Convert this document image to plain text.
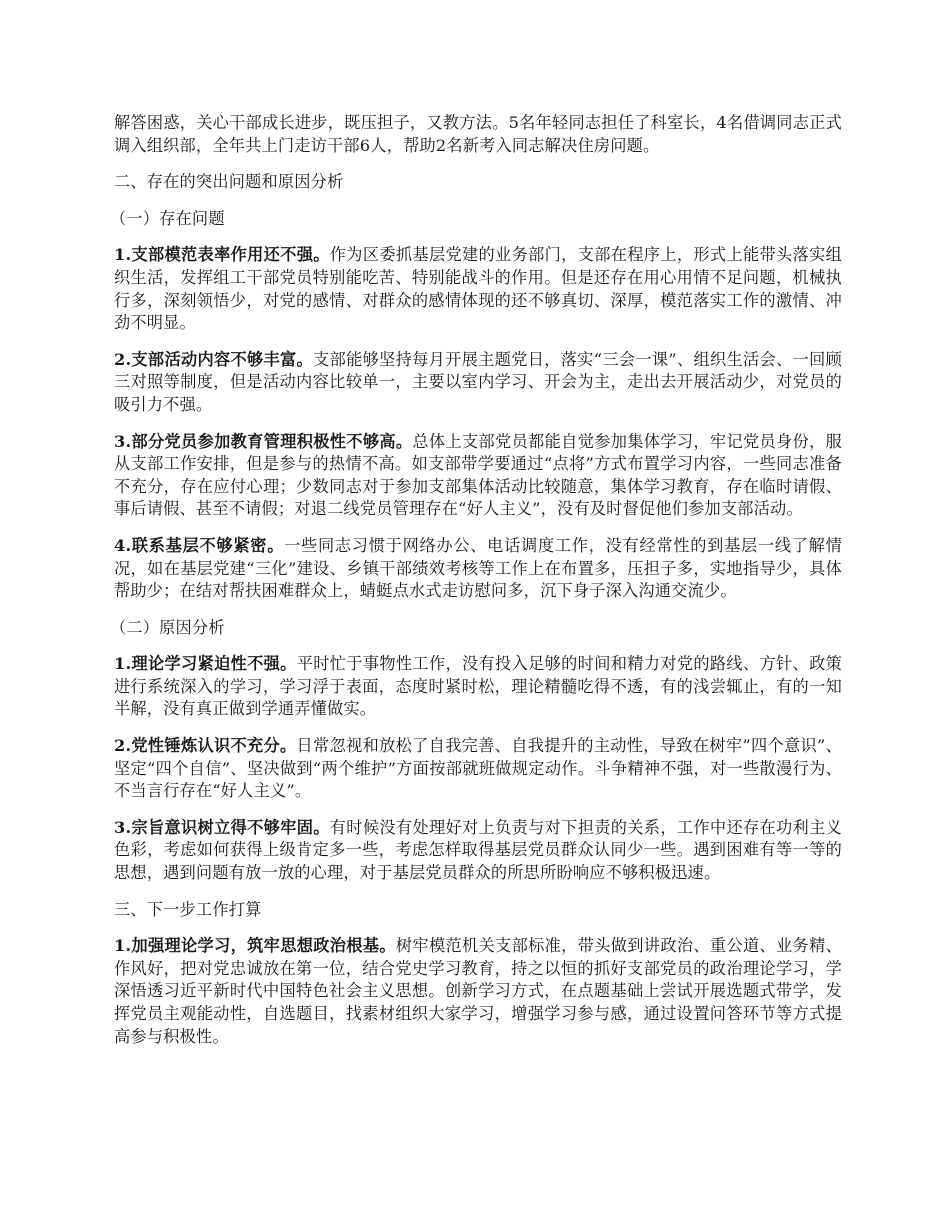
解答困惑，关心干部成长进步，既压担子，又教方法。5名年轻同志担任了科室长，4名借调同志正式调入组织部，全年共上门走访干部6人，帮助2名新考入同志解决住房问题。

二、存在的突出问题和原因分析

（一）存在问题

1.支部模范表率作用还不强。作为区委抓基层党建的业务部门，支部在程序上，形式上能带头落实组织生活，发挥组工干部党员特别能吃苦、特别能战斗的作用。但是还存在用心用情不足问题，机械执行多，深刻领悟少，对党的感情、对群众的感情体现的还不够真切、深厚，模范落实工作的激情、冲劲不明显。

2.支部活动内容不够丰富。支部能够坚持每月开展主题党日，落实“三会一课”、组织生活会、一回顾三对照等制度，但是活动内容比较单一，主要以室内学习、开会为主，走出去开展活动少，对党员的吸引力不强。

3.部分党员参加教育管理积极性不够高。总体上支部党员都能自觉参加集体学习，牢记党员身份，服从支部工作安排，但是参与的热情不高。如支部带学要通过“点将”方式布置学习内容，一些同志准备不充分，存在应付心理；少数同志对于参加支部集体活动比较随意，集体学习教育，存在临时请假、事后请假、甚至不请假；对退二线党员管理存在“好人主义”，没有及时督促他们参加支部活动。

4.联系基层不够紧密。一些同志习惯于网络办公、电话调度工作，没有经常性的到基层一线了解情况，如在基层党建“三化”建设、乡镇干部绩效考核等工作上在布置多，压担子多，实地指导少，具体帮助少；在结对帮扶困难群众上，蜻蜓点水式走访慰问多，沉下身子深入沟通交流少。

（二）原因分析

1.理论学习紧迫性不强。平时忙于事物性工作，没有投入足够的时间和精力对党的路线、方针、政策进行系统深入的学习，学习浮于表面，态度时紧时松，理论精髓吃得不透，有的浅尝辄止，有的一知半解，没有真正做到学通弄懂做实。

2.党性锤炼认识不充分。日常忽视和放松了自我完善、自我提升的主动性，导致在树牢”四个意识”、坚定“四个自信”、坚决做到“两个维护”方面按部就班做规定动作。斗争精神不强，对一些散漫行为、不当言行存在“好人主义”。

3.宗旨意识树立得不够牢固。有时候没有处理好对上负责与对下担责的关系，工作中还存在功利主义色彩，考虑如何获得上级肯定多一些，考虑怎样取得基层党员群众认同少一些。遇到困难有等一等的思想，遇到问题有放一放的心理，对于基层党员群众的所思所盼响应不够积极迅速。

三、下一步工作打算

1.加强理论学习，筑牢思想政治根基。树牢模范机关支部标准，带头做到讲政治、重公道、业务精、作风好，把对党忠诚放在第一位，结合党史学习教育，持之以恒的抓好支部党员的政治理论学习，学深悟透习近平新时代中国特色社会主义思想。创新学习方式，在点题基础上尝试开展选题式带学，发挥党员主观能动性，自选题目，找素材组织大家学习，增强学习参与感，通过设置问答环节等方式提高参与积极性。
